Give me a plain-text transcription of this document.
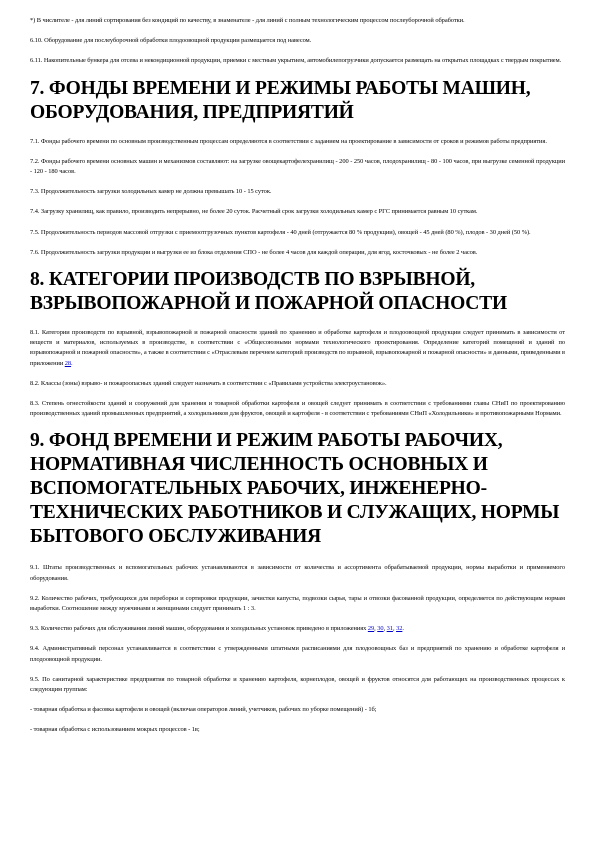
*) В числителе - для линий сортирования без кондиций по качеству, в знаменателе - для линий с полным технологическим процессом послеуборочной обработки.

6.10. Оборудование для послеуборочной обработки плодоовощной продукции размещается под навесом.

6.11. Накопительные бункера для отсева и некондиционной продукции, приемки с местным укрытием, автомобилепогрузчики допускается размещать на открытых площадках с твердым покрытием.

7. ФОНДЫ ВРЕМЕНИ И РЕЖИМЫ РАБОТЫ МАШИН, ОБОРУДОВАНИЯ, ПРЕДПРИЯТИЙ

7.1. Фонды рабочего времени по основным производственным процессам определяются в соответствии с заданием на проектирование в зависимости от сроков и режимов работы предприятия.

7.2. Фонды рабочего времени основных машин и механизмов составляют: на загрузке овощекартофелехранилищ - 200 - 250 часов, плодохранилищ - 80 - 100 часов, при выгрузке семенной продукции - 120 - 180 часов.

7.3. Продолжительность загрузки холодильных камер не должна превышать 10 - 15 суток.

7.4. Загрузку хранилищ, как правило, производить непрерывно, не более 20 суток. Расчетный срок загрузки холодильных камер с РГС принимается равным 10 суткам.

7.5. Продолжительность периодов массовой отгрузки с приемоотгрузочных пунктов картофеля - 40 дней (отгружается 80 % продукции), овощей - 45 дней (80 %), плодов - 30 дней (50 %).

7.6. Продолжительность загрузки продукции и выгрузки ее из блока отделения СПО - не более 4 часов для каждой операции, для ягод, косточковых - не более 2 часов.

8. КАТЕГОРИИ ПРОИЗВОДСТВ ПО ВЗРЫВНОЙ, ВЗРЫВОПОЖАРНОЙ И ПОЖАРНОЙ ОПАСНОСТИ

8.1. Категории производств по взрывной, взрывопожарной и пожарной опасности зданий по хранению и обработке картофеля и плодоовощной продукции следует принимать в зависимости от веществ и материалов, используемых в производстве, в соответствии с «Общесоюзными нормами технологического проектирования. Определение категорий помещений и зданий по взрывопожарной и пожарной опасности», а также в соответствии с «Отраслевым перечнем категорий производств по взрывной, взрывопожарной и пожарной опасности» и данными, приведенными в приложении 28.

8.2. Классы (зоны) взрыво- и пожароопасных зданий следует назначать в соответствии с «Правилами устройства электроустановок».

8.3. Степень огнестойкости зданий и сооружений для хранения и товарной обработки картофеля и овощей следует принимать в соответствии с требованиями главы СНиП по проектированию производственных зданий промышленных предприятий, а холодильников для фруктов, овощей и картофеля - в соответствии с требованиями СНиП «Холодильники» и противопожарными Нормами.

9. ФОНД ВРЕМЕНИ И РЕЖИМ РАБОТЫ РАБОЧИХ, НОРМАТИВНАЯ ЧИСЛЕННОСТЬ ОСНОВНЫХ И ВСПОМОГАТЕЛЬНЫХ РАБОЧИХ, ИНЖЕНЕРНО-ТЕХНИЧЕСКИХ РАБОТНИКОВ И СЛУЖАЩИХ, НОРМЫ БЫТОВОГО ОБСЛУЖИВАНИЯ

9.1. Штаты производственных и вспомогательных рабочих устанавливаются в зависимости от количества и ассортимента обрабатываемой продукции, нормы выработки и применяемого оборудования.

9.2. Количество рабочих, требующихся для переборки и сортировки продукции, зачистки капусты, подвозки сырья, тары и отвозки фасованной продукции, определяется по действующим нормам выработки. Соотношение между мужчинами и женщинами следует принимать 1 : 3.

9.3. Количество рабочих для обслуживания линий машин, оборудования и холодильных установок приведено в приложениях 29, 30, 31, 32.

9.4. Административный персонал устанавливается в соответствии с утвержденными штатными расписаниями для плодоовощных баз и предприятий по хранению и обработке картофеля и плодоовощной продукции.

9.5. По санитарной характеристике предприятия по товарной обработке и хранению картофеля, корнеплодов, овощей и фруктов относятся для работающих на производственных процессах к следующим группам:

- товарная обработка и фасовка картофеля и овощей (включая операторов линий, учетчиков, рабочих по уборке помещений) - 1б;

- товарная обработка с использованием мокрых процессов - 1в;
